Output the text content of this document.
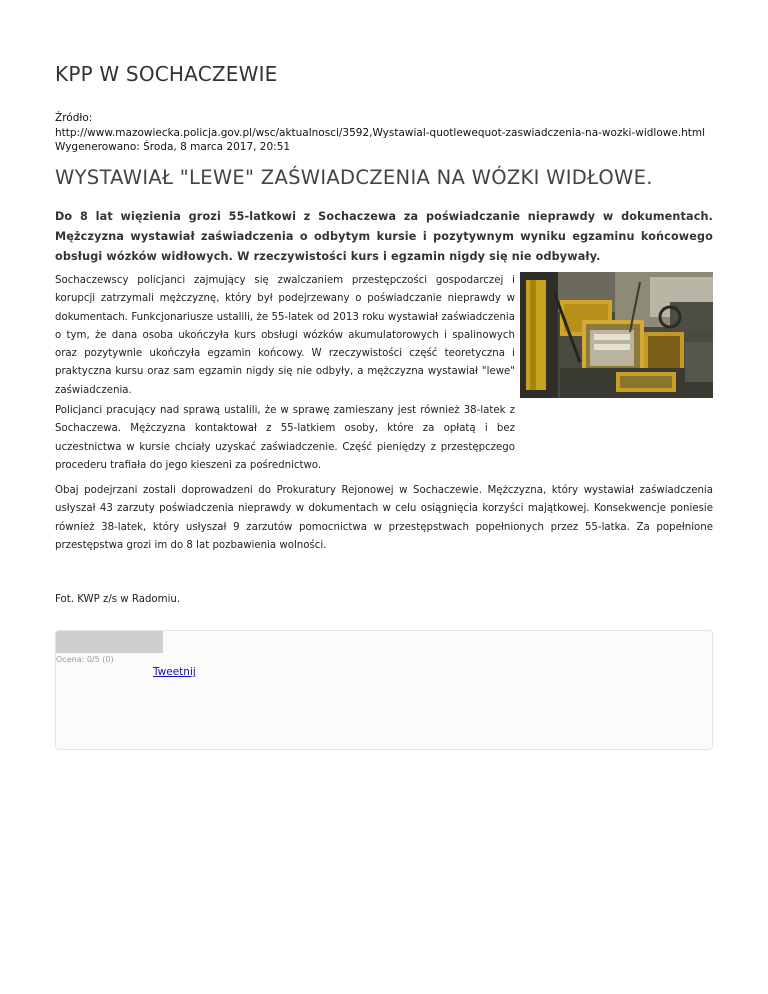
KPP W SOCHACZEWIE
Źródło:
http://www.mazowiecka.policja.gov.pl/wsc/aktualnosci/3592,Wystawial-quotlewequot-zaswiadczenia-na-wozki-widlowe.html
Wygenerowano: Środa, 8 marca 2017, 20:51
WYSTAWIAŁ "LEWE" ZAŚWIADCZENIA NA WÓZKI WIDŁOWE.
Do 8 lat więzienia grozi 55-latkowi z Sochaczewa za poświadczanie nieprawdy w dokumentach. Mężczyzna wystawiał zaświadczenia o odbytym kursie i pozytywnym wyniku egzaminu końcowego obsługi wózków widłowych. W rzeczywistości kurs i egzamin nigdy się nie odbywały.
Sochaczewscy policjanci zajmujący się zwalczaniem przestępczości gospodarczej i korupcji zatrzymali mężczyznę, który był podejrzewany o poświadczanie nieprawdy w dokumentach. Funkcjonariusze ustalili, że 55-latek od 2013 roku wystawiał zaświadczenia o tym, że dana osoba ukończyła kurs obsługi wózków akumulatorowych i spalinowych oraz pozytywnie ukończyła egzamin końcowy. W rzeczywistości część teoretyczna i praktyczna kursu oraz sam egzamin nigdy się nie odbyły, a mężczyzna wystawiał "lewe" zaświadczenia.
Policjanci pracujący nad sprawą ustalili, że w sprawę zamieszany jest również 38-latek z Sochaczewa. Mężczyzna kontaktował z 55-latkiem osoby, które za opłatą i bez uczestnictwa w kursie chciały uzyskać zaświadczenie. Część pieniędzy z przestępczego procederu trafiała do jego kieszeni za pośrednictwo.
Obaj podejrzani zostali doprowadzeni do Prokuratury Rejonowej w Sochaczewie. Mężczyzna, który wystawiał zaświadczenia usłyszał 43 zarzuty poświadczenia nieprawdy w dokumentach w celu osiągnięcia korzyści majątkowej. Konsekwencje poniesie również 38-latek, który usłyszał 9 zarzutów pomocnictwa w przestępstwach popełnionych przez 55-latka. Za popełnione przestępstwa grozi im do 8 lat pozbawienia wolności.
Fot. KWP z/s w Radomiu.
Ocena: 0/5 (0)
Tweetnij
